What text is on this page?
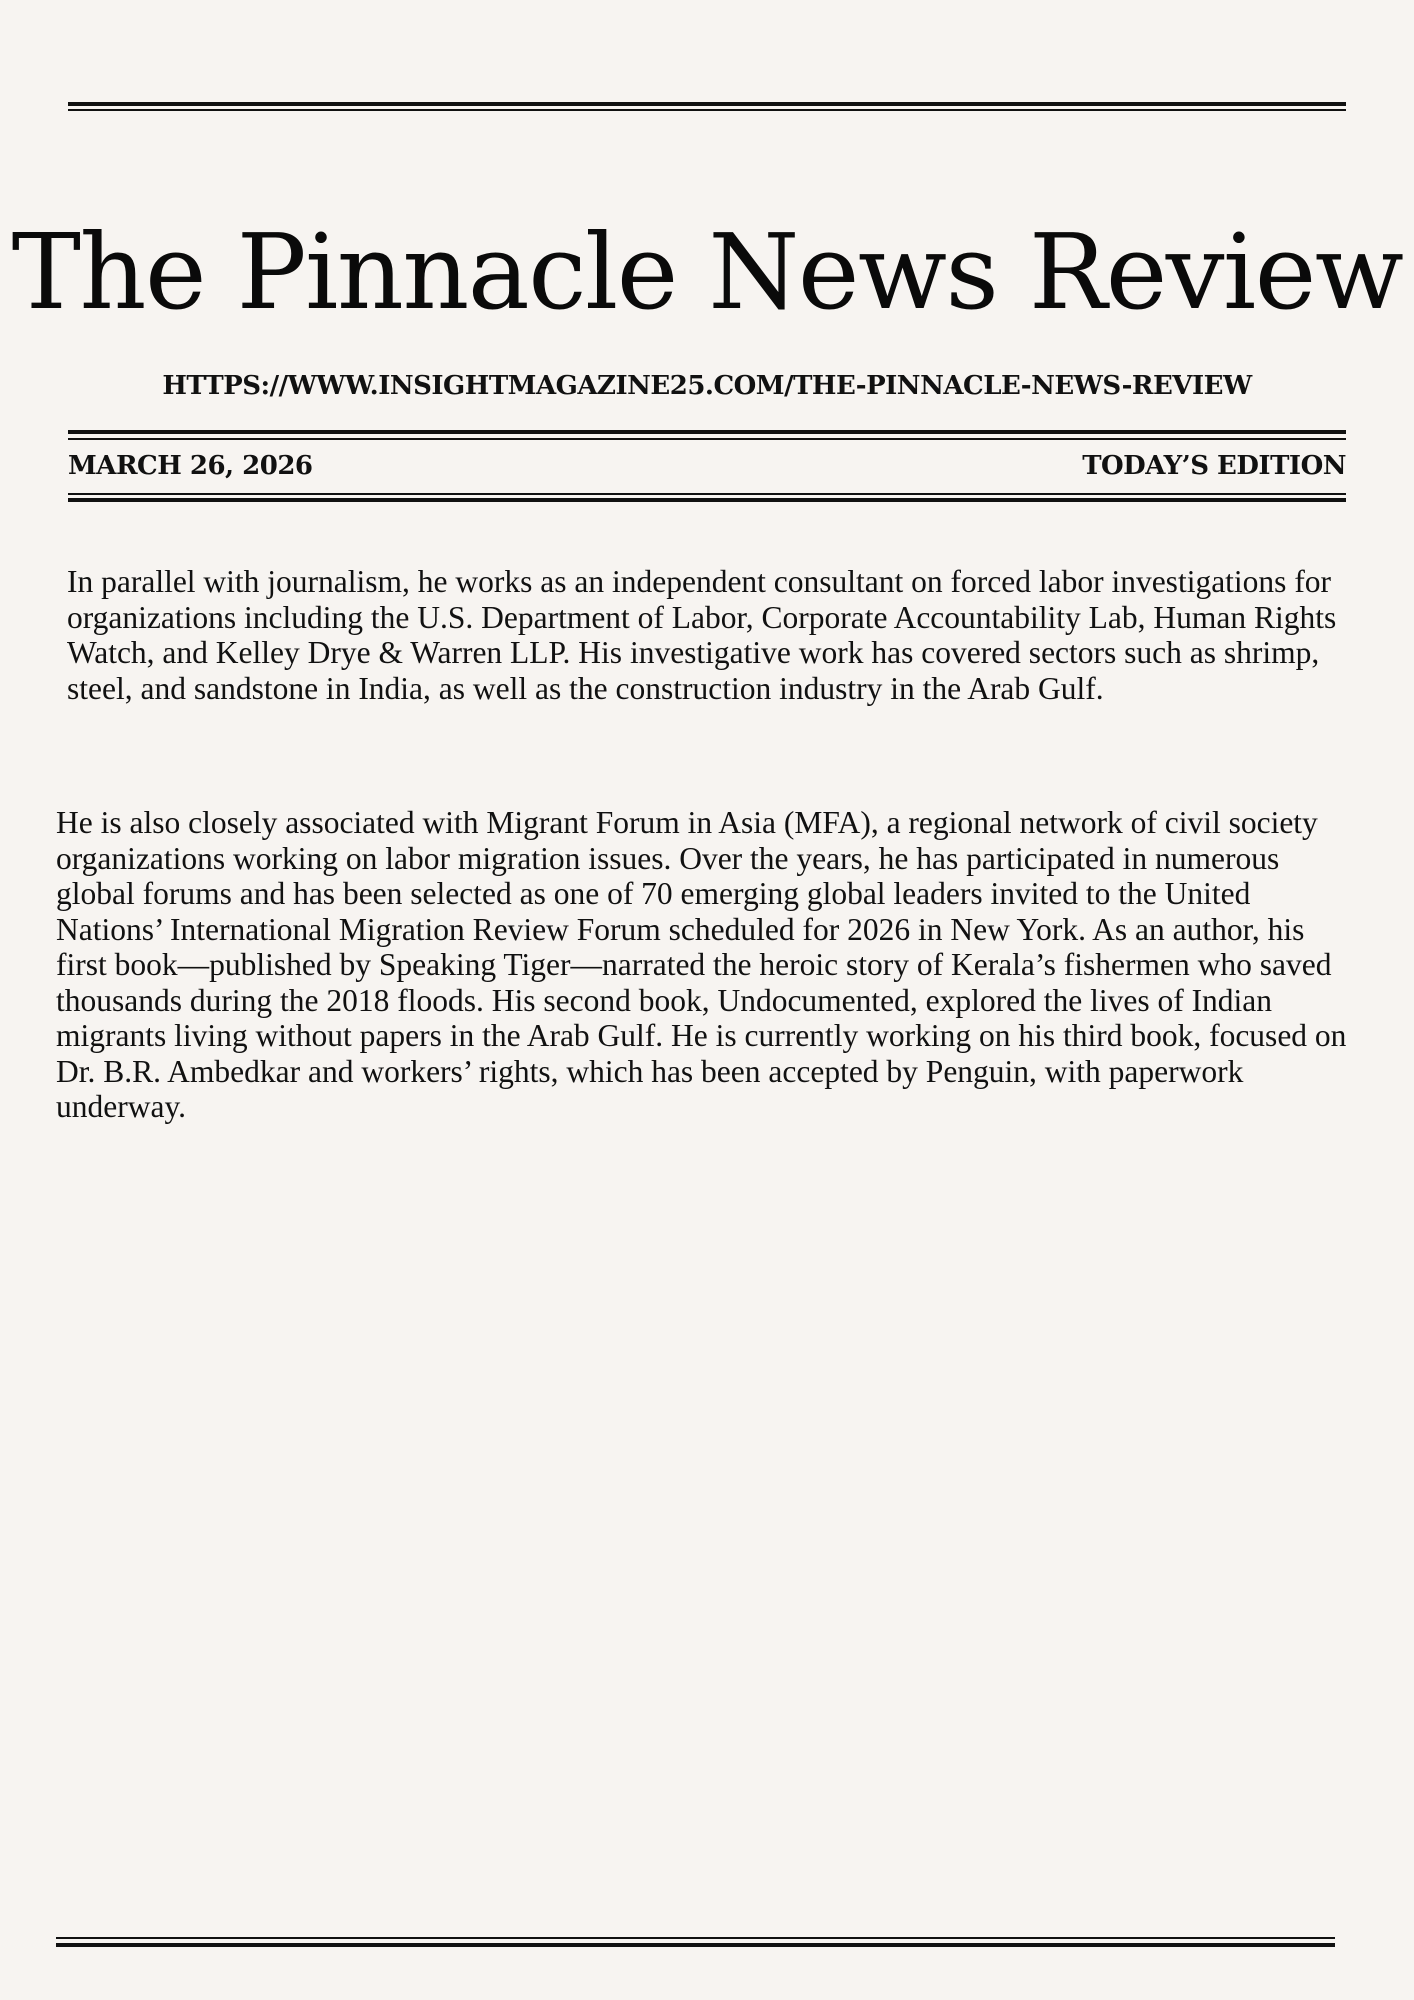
The Pinnacle News Review
HTTPS://WWW.INSIGHTMAGAZINE25.COM/THE-PINNACLE-NEWS-REVIEW
MARCH 26, 2026	TODAY’S EDITION

In parallel with journalism, he works as an independent consultant on forced labor investigations for organizations including the U.S. Department of Labor, Corporate Accountability Lab, Human Rights Watch, and Kelley Drye & Warren LLP. His investigative work has covered sectors such as shrimp, steel, and sandstone in India, as well as the construction industry in the Arab Gulf.

He is also closely associated with Migrant Forum in Asia (MFA), a regional network of civil society organizations working on labor migration issues. Over the years, he has participated in numerous global forums and has been selected as one of 70 emerging global leaders invited to the United Nations’ International Migration Review Forum scheduled for 2026 in New York. As an author, his first book—published by Speaking Tiger—narrated the heroic story of Kerala’s fishermen who saved thousands during the 2018 floods. His second book, Undocumented, explored the lives of Indian migrants living without papers in the Arab Gulf. He is currently working on his third book, focused on Dr. B.R. Ambedkar and workers’ rights, which has been accepted by Penguin, with paperwork underway.
